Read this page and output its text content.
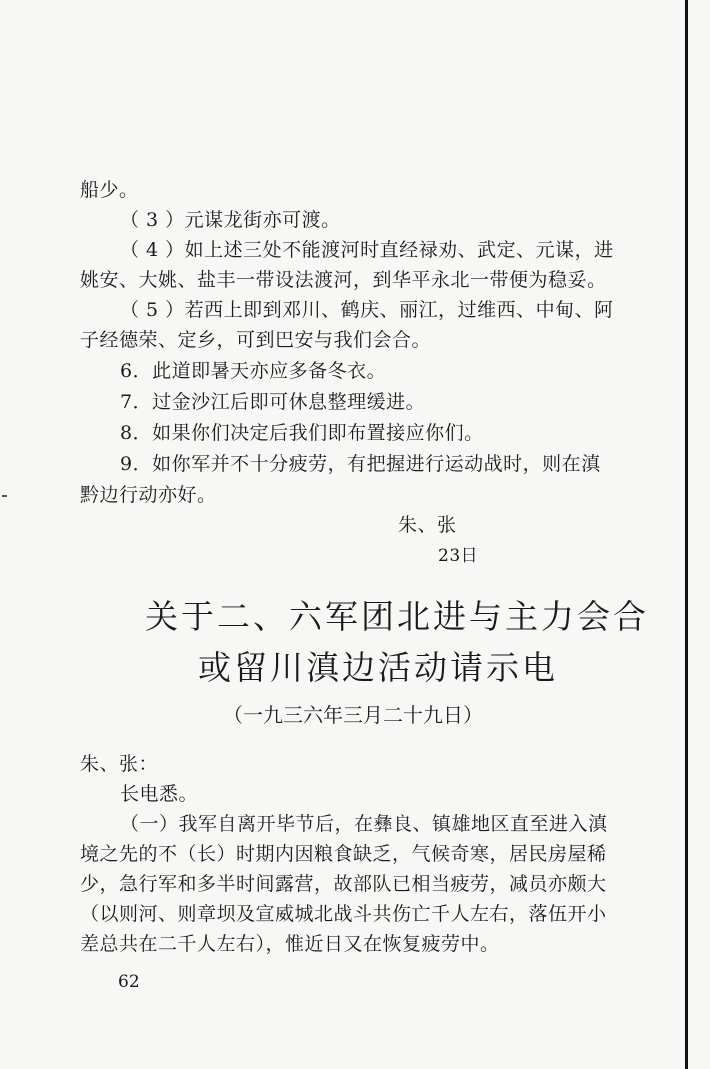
船少。
（ 3 ）元谋龙街亦可渡。
（ 4 ）如上述三处不能渡河时直经禄劝、武定、元谋，进
姚安、大姚、盐丰一带设法渡河，到华平永北一带便为稳妥。
（ 5 ）若西上即到邓川、鹤庆、丽江，过维西、中甸、阿
子经德荣、定乡，可到巴安与我们会合。
6．此道即暑天亦应多备冬衣。
7．过金沙江后即可休息整理缓进。
8．如果你们决定后我们即布置接应你们。
9．如你军并不十分疲劳，有把握进行运动战时，则在滇
黔边行动亦好。
朱、张
23日
关于二、六军团北进与主力会合
或留川滇边活动请示电
（一九三六年三月二十九日）
朱、张：
长电悉。
（一）我军自离开毕节后，在彝良、镇雄地区直至进入滇
境之先的不（长）时期内因粮食缺乏，气候奇寒，居民房屋稀
少，急行军和多半时间露营，故部队已相当疲劳，减员亦颇大
（以则河、则章坝及宣威城北战斗共伤亡千人左右，落伍开小
差总共在二千人左右），惟近日又在恢复疲劳中。
62
